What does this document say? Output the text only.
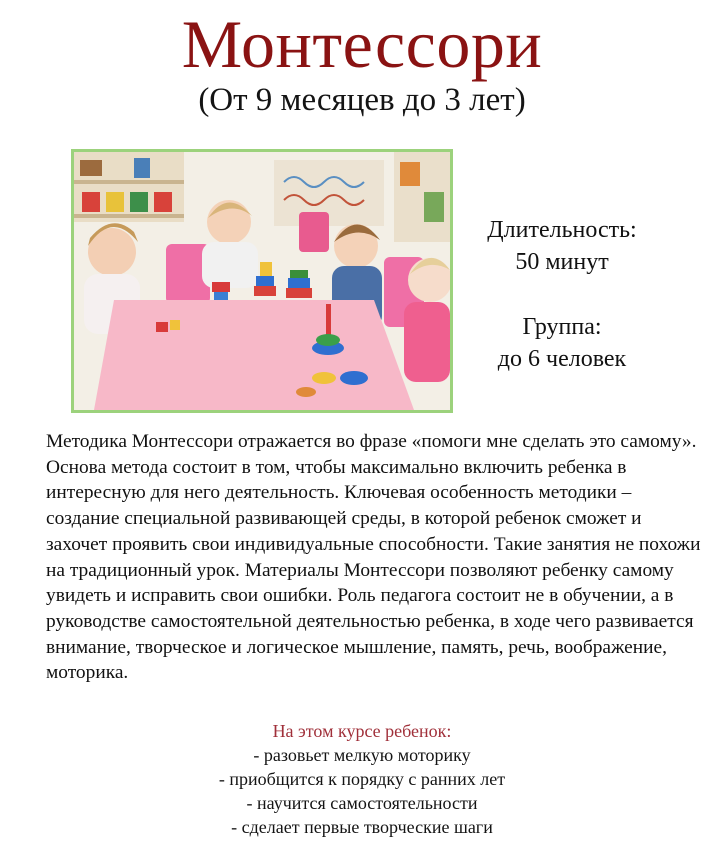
Монтессори
(От 9 месяцев до 3 лет)
Длительность:
50 минут
Группа:
до 6 человек
Методика Монтессори отражается во фразе «помоги мне сделать это самому». Основа метода состоит в том, чтобы максимально включить ребенка в интересную для него деятельность. Ключевая особенность методики – создание специальной развивающей среды, в которой ребенок сможет и захочет проявить свои индивидуальные способности. Такие занятия не похожи на традиционный урок. Материалы Монтессори позволяют ребенку самому увидеть и исправить свои ошибки. Роль педагога состоит не в обучении, а в руководстве самостоятельной деятельностью ребенка, в ходе чего развивается внимание, творческое и логическое мышление, память, речь, воображение, моторика.
На этом курсе ребенок:
- разовьет мелкую моторику
- приобщится к порядку с ранних лет
- научится самостоятельности
- сделает первые творческие шаги
